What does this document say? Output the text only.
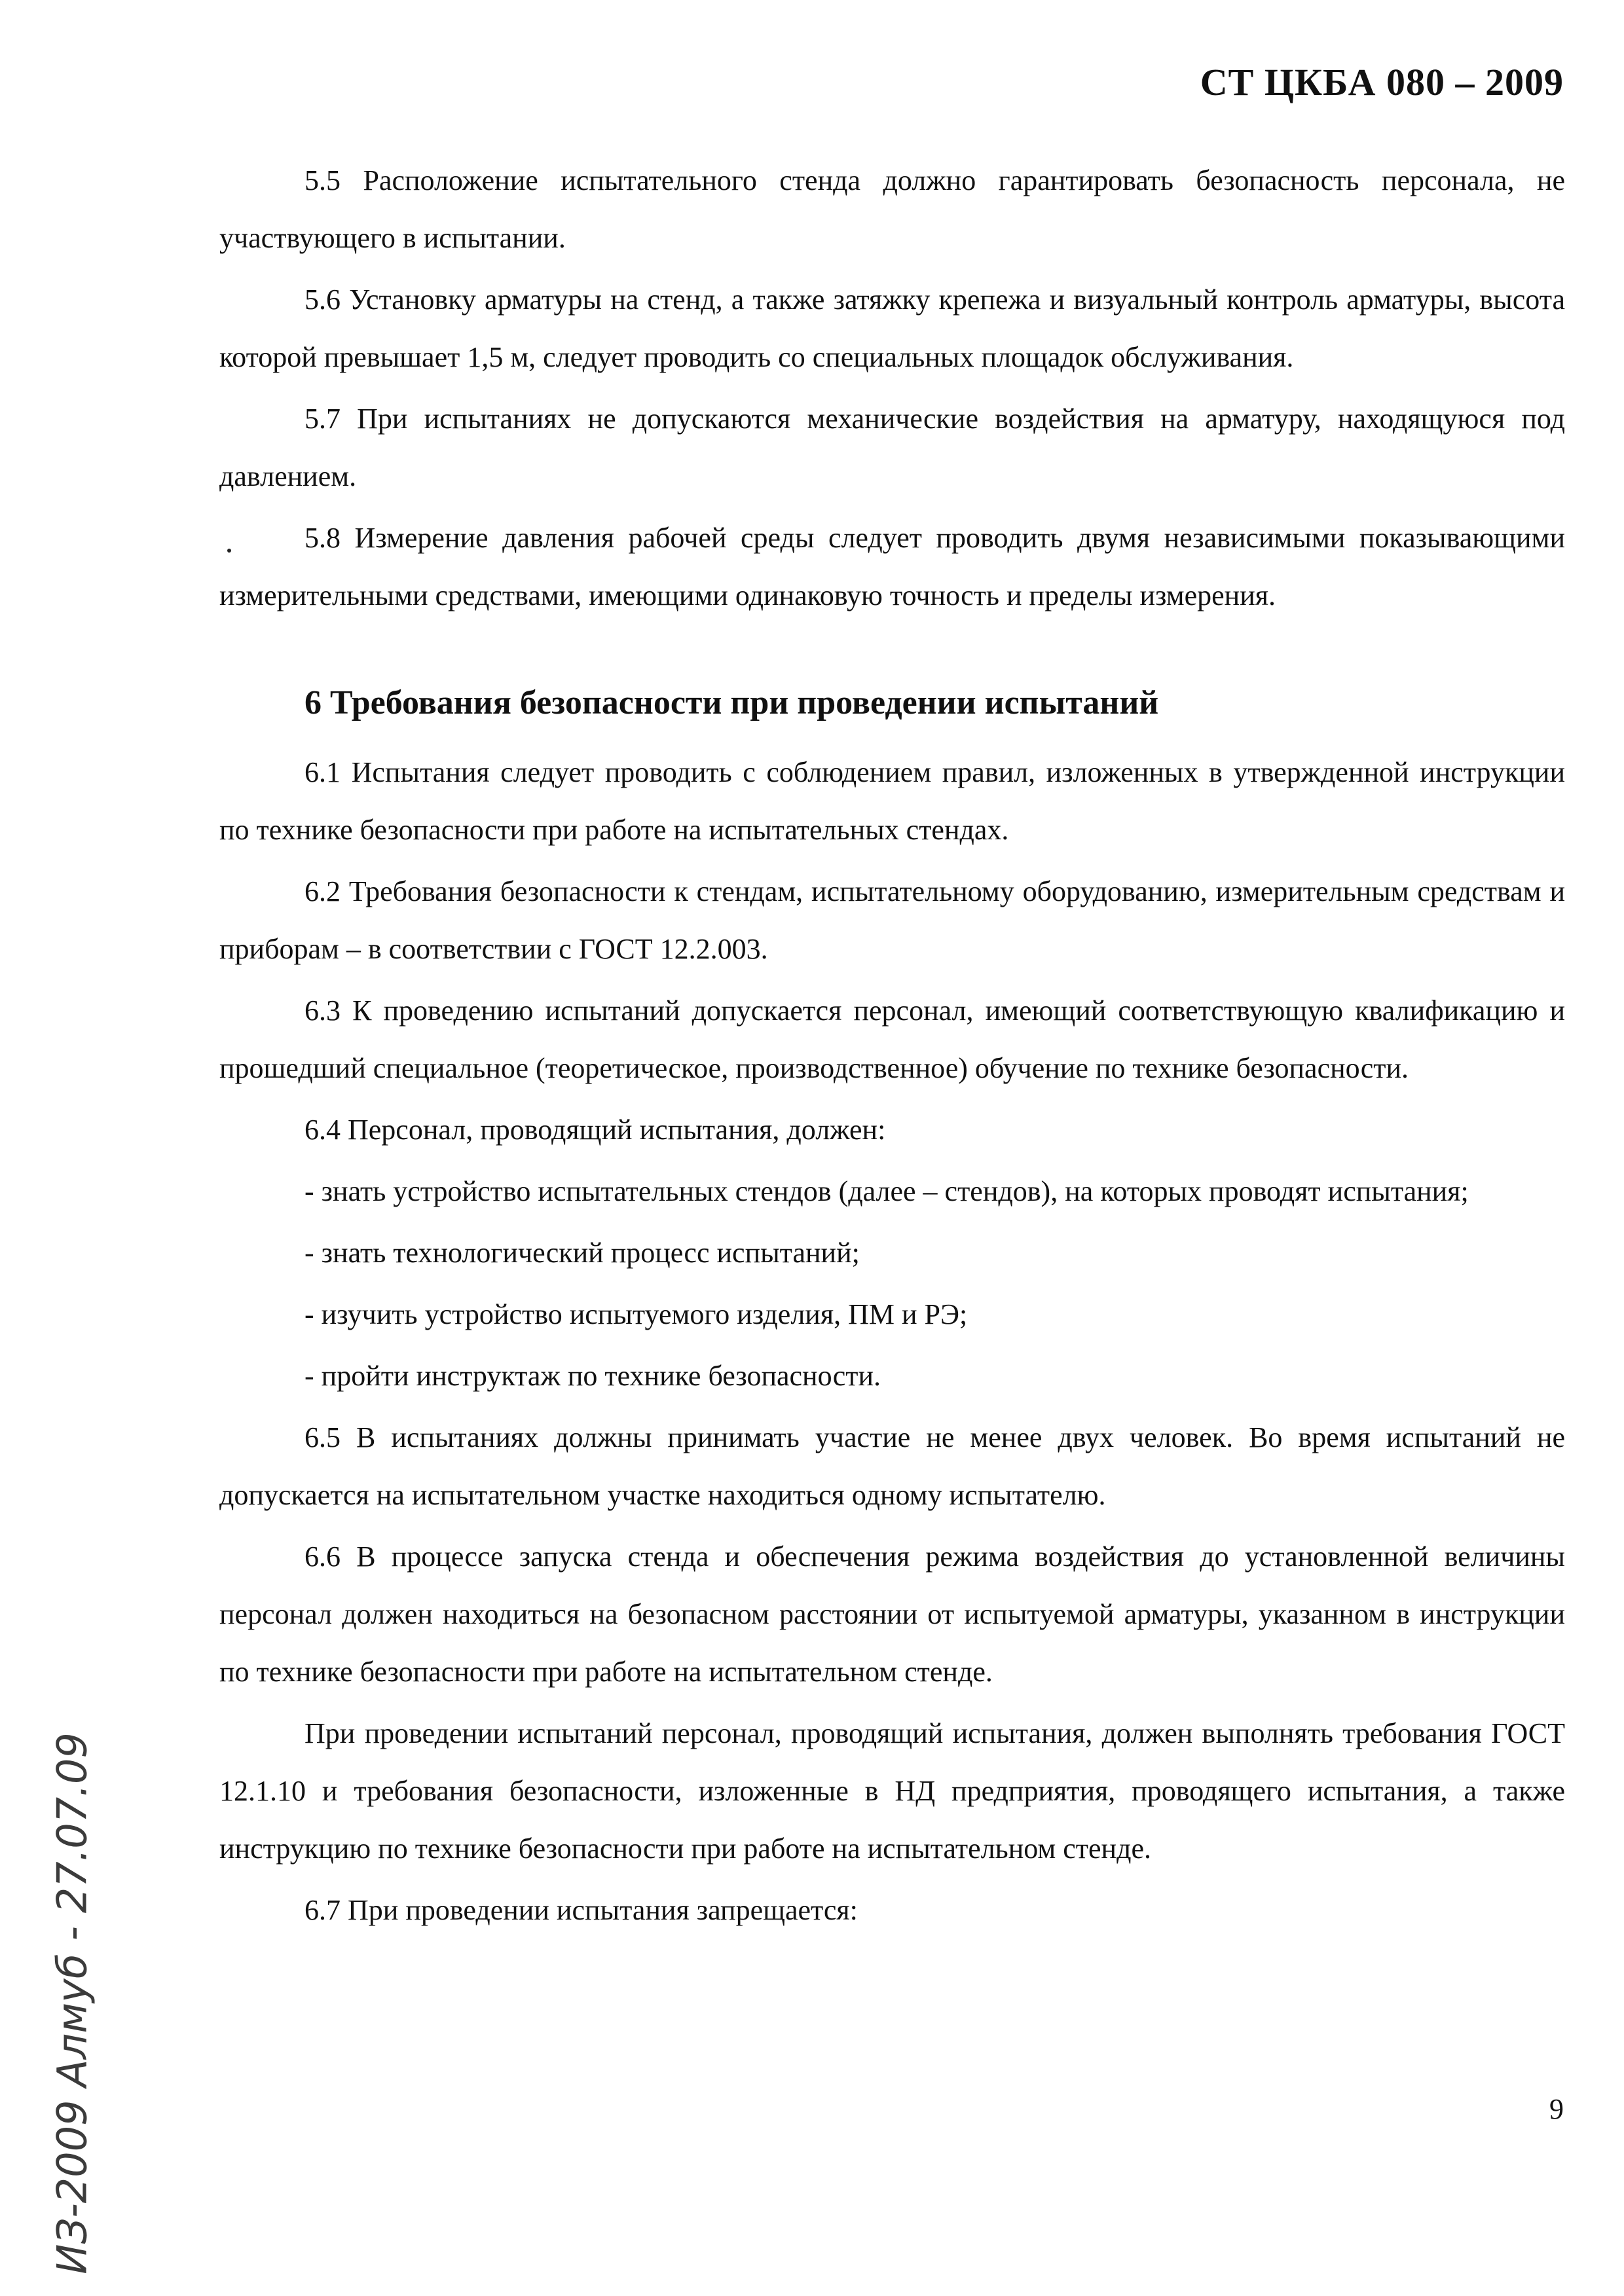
СТ ЦКБА 080 – 2009

5.5 Расположение испытательного стенда должно гарантировать безопасность персонала, не участвующего в испытании.

5.6 Установку арматуры на стенд, а также затяжку крепежа и визуальный контроль арматуры, высота которой превышает 1,5 м, следует проводить со специальных площадок обслуживания.

5.7 При испытаниях не допускаются механические воздействия на арматуру, находящуюся под давлением.

5.8 Измерение давления рабочей среды следует проводить двумя независимыми показывающими измерительными средствами, имеющими одинаковую точность и пределы измерения.

6 Требования безопасности при проведении испытаний

6.1 Испытания следует проводить с соблюдением правил, изложенных в утвержденной инструкции по технике безопасности при работе на испытательных стендах.

6.2 Требования безопасности к стендам, испытательному оборудованию, измерительным средствам и приборам – в соответствии с ГОСТ 12.2.003.

6.3 К проведению испытаний допускается персонал, имеющий соответствующую квалификацию и прошедший специальное (теоретическое, производственное) обучение по технике безопасности.

6.4 Персонал, проводящий испытания, должен:

- знать устройство испытательных стендов (далее – стендов), на которых проводят испытания;

- знать технологический процесс испытаний;

- изучить устройство испытуемого изделия, ПМ и РЭ;

- пройти инструктаж по технике безопасности.

6.5 В испытаниях должны принимать участие не менее двух человек. Во время испытаний не допускается на испытательном участке находиться одному испытателю.

6.6 В процессе запуска стенда и обеспечения режима воздействия до установленной величины персонал должен находиться на безопасном расстоянии от испытуемой арматуры, указанном в инструкции по технике безопасности при работе на испытательном стенде.

При проведении испытаний персонал, проводящий испытания, должен выполнять требования ГОСТ 12.1.10 и требования безопасности, изложенные в НД предприятия, проводящего испытания, а также инструкцию по технике безопасности при работе на испытательном стенде.

6.7 При проведении испытания запрещается:

ИЗ-2009 Алмуб - 27.07.09	9
